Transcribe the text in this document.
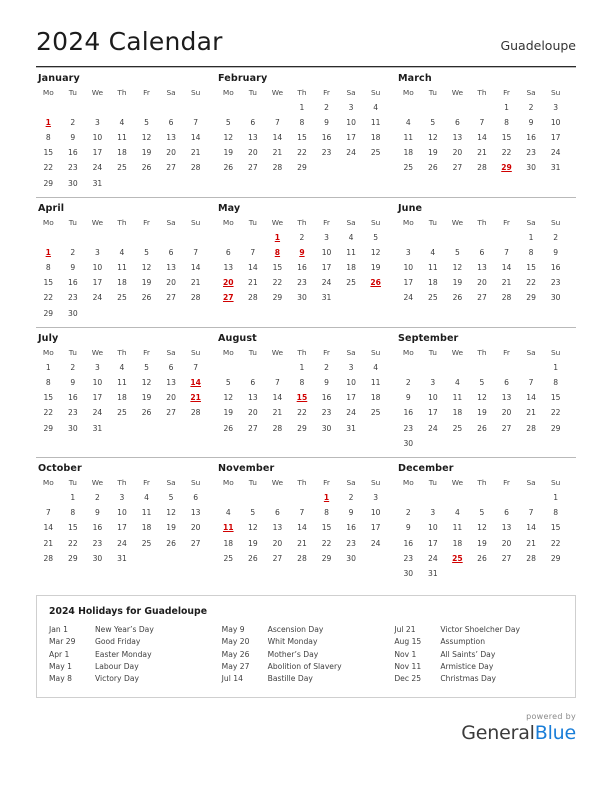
2024 Calendar	Guadeloupe
January
Mo	Tu	We	Th	Fr	Sa	Su

1	2	3	4	5	6	7
8	9	10	11	12	13	14
15	16	17	18	19	20	21
22	23	24	25	26	27	28
29	30	31				
February
Mo	Tu	We	Th	Fr	Sa	Su
			1	2	3	4
5	6	7	8	9	10	11
12	13	14	15	16	17	18
19	20	21	22	23	24	25
26	27	28	29			

March
Mo	Tu	We	Th	Fr	Sa	Su
				1	2	3
4	5	6	7	8	9	10
11	12	13	14	15	16	17
18	19	20	21	22	23	24
25	26	27	28	29	30	31

April
Mo	Tu	We	Th	Fr	Sa	Su

1	2	3	4	5	6	7
8	9	10	11	12	13	14
15	16	17	18	19	20	21
22	23	24	25	26	27	28
29	30					
May
Mo	Tu	We	Th	Fr	Sa	Su
		1	2	3	4	5
6	7	8	9	10	11	12
13	14	15	16	17	18	19
20	21	22	23	24	25	26
27	28	29	30	31		

June
Mo	Tu	We	Th	Fr	Sa	Su
					1	2
3	4	5	6	7	8	9
10	11	12	13	14	15	16
17	18	19	20	21	22	23
24	25	26	27	28	29	30

July
Mo	Tu	We	Th	Fr	Sa	Su
1	2	3	4	5	6	7
8	9	10	11	12	13	14
15	16	17	18	19	20	21
22	23	24	25	26	27	28
29	30	31				

August
Mo	Tu	We	Th	Fr	Sa	Su
			1	2	3	4
5	6	7	8	9	10	11
12	13	14	15	16	17	18
19	20	21	22	23	24	25
26	27	28	29	30	31	

September
Mo	Tu	We	Th	Fr	Sa	Su
						1
2	3	4	5	6	7	8
9	10	11	12	13	14	15
16	17	18	19	20	21	22
23	24	25	26	27	28	29
30						
October
Mo	Tu	We	Th	Fr	Sa	Su
	1	2	3	4	5	6
7	8	9	10	11	12	13
14	15	16	17	18	19	20
21	22	23	24	25	26	27
28	29	30	31			

November
Mo	Tu	We	Th	Fr	Sa	Su
				1	2	3
4	5	6	7	8	9	10
11	12	13	14	15	16	17
18	19	20	21	22	23	24
25	26	27	28	29	30	

December
Mo	Tu	We	Th	Fr	Sa	Su
						1
2	3	4	5	6	7	8
9	10	11	12	13	14	15
16	17	18	19	20	21	22
23	24	25	26	27	28	29
30	31					
2024 Holidays for Guadeloupe
Jan 1	New Year’s Day
Mar 29	Good Friday
Apr 1	Easter Monday
May 1	Labour Day
May 8	Victory Day
May 9	Ascension Day
May 20	Whit Monday
May 26	Mother’s Day
May 27	Abolition of Slavery
Jul 14	Bastille Day
Jul 21	Victor Shoelcher Day
Aug 15	Assumption
Nov 1	All Saints’ Day
Nov 11	Armistice Day
Dec 25	Christmas Day
powered by
GeneralBlue
